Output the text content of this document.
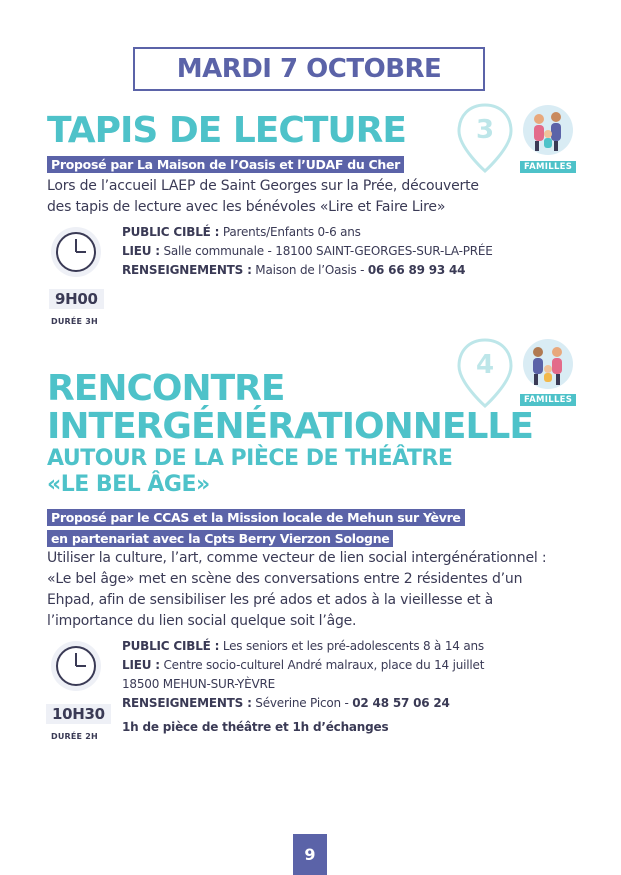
MARDI 7 OCTOBRE
TAPIS DE LECTURE	3
FAMILLES
Proposé par La Maison de l’Oasis et l’UDAF du Cher
Lors de l’accueil LAEP de Saint Georges sur la Prée, découverte
des tapis de lecture avec les bénévoles «Lire et Faire Lire»
9H00
DURÉE 3H
PUBLIC CIBLÉ : Parents/Enfants 0-6 ans
LIEU : Salle communale - 18100 SAINT-GEORGES-SUR-LA-PRÉE
RENSEIGNEMENTS : Maison de l’Oasis - 06 66 89 93 44
4
FAMILLES
RENCONTRE
INTERGÉNÉRATIONNELLE
AUTOUR DE LA PIÈCE DE THÉÂTRE
«LE BEL ÂGE»
Proposé par le CCAS et la Mission locale de Mehun sur Yèvre
en partenariat avec la Cpts Berry Vierzon Sologne
Utiliser la culture, l’art, comme vecteur de lien social intergénérationnel :
«Le bel âge» met en scène des conversations entre 2 résidentes d’un
Ehpad, afin de sensibiliser les pré ados et ados à la vieillesse et à
l’importance du lien social quelque soit l’âge.
10H30
DURÉE 2H
PUBLIC CIBLÉ : Les seniors et les pré-adolescents 8 à 14 ans
LIEU : Centre socio-culturel André malraux, place du 14 juillet
18500 MEHUN-SUR-YÈVRE
RENSEIGNEMENTS : Séverine Picon - 02 48 57 06 24
1h de pièce de théâtre et 1h d’échanges
9
